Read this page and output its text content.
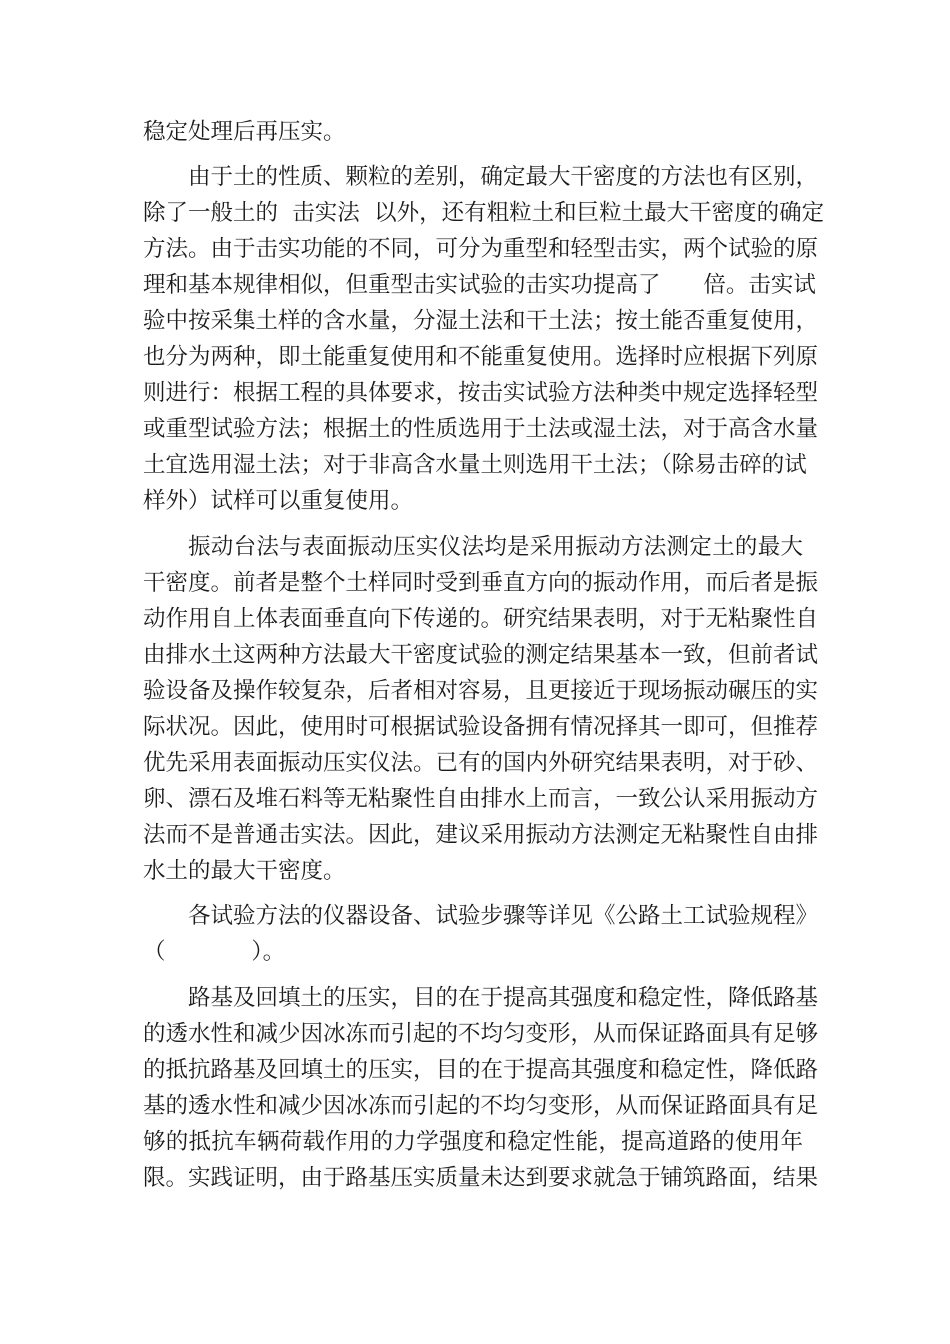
稳定处理后再压实。
由于土的性质、颗粒的差别，确定最大干密度的方法也有区别，
除了一般土的  击实法  以外，还有粗粒土和巨粒土最大干密度的确定
方法。由于击实功能的不同，可分为重型和轻型击实，两个试验的原
理和基本规律相似，但重型击实试验的击实功提高了      倍。击实试
验中按采集土样的含水量，分湿土法和干土法；按土能否重复使用，
也分为两种，即土能重复使用和不能重复使用。选择时应根据下列原
则进行：根据工程的具体要求，按击实试验方法种类中规定选择轻型
或重型试验方法；根据土的性质选用于土法或湿土法，对于高含水量
土宜选用湿土法；对于非高含水量土则选用干土法；（除易击碎的试
样外）试样可以重复使用。
振动台法与表面振动压实仪法均是采用振动方法测定土的最大
干密度。前者是整个土样同时受到垂直方向的振动作用，而后者是振
动作用自上体表面垂直向下传递的。研究结果表明，对于无粘聚性自
由排水土这两种方法最大干密度试验的测定结果基本一致，但前者试
验设备及操作较复杂，后者相对容易，且更接近于现场振动碾压的实
际状况。因此，使用时可根据试验设备拥有情况择其一即可，但推荐
优先采用表面振动压实仪法。已有的国内外研究结果表明，对于砂、
卵、漂石及堆石料等无粘聚性自由排水上而言，一致公认采用振动方
法而不是普通击实法。因此，建议采用振动方法测定无粘聚性自由排
水土的最大干密度。
各试验方法的仪器设备、试验步骤等详见《公路土工试验规程》
（            ）。
路基及回填土的压实，目的在于提高其强度和稳定性，降低路基
的透水性和减少因冰冻而引起的不均匀变形，从而保证路面具有足够
的抵抗路基及回填土的压实，目的在于提高其强度和稳定性，降低路
基的透水性和减少因冰冻而引起的不均匀变形，从而保证路面具有足
够的抵抗车辆荷载作用的力学强度和稳定性能，提高道路的使用年
限。实践证明，由于路基压实质量未达到要求就急于铺筑路面，结果
